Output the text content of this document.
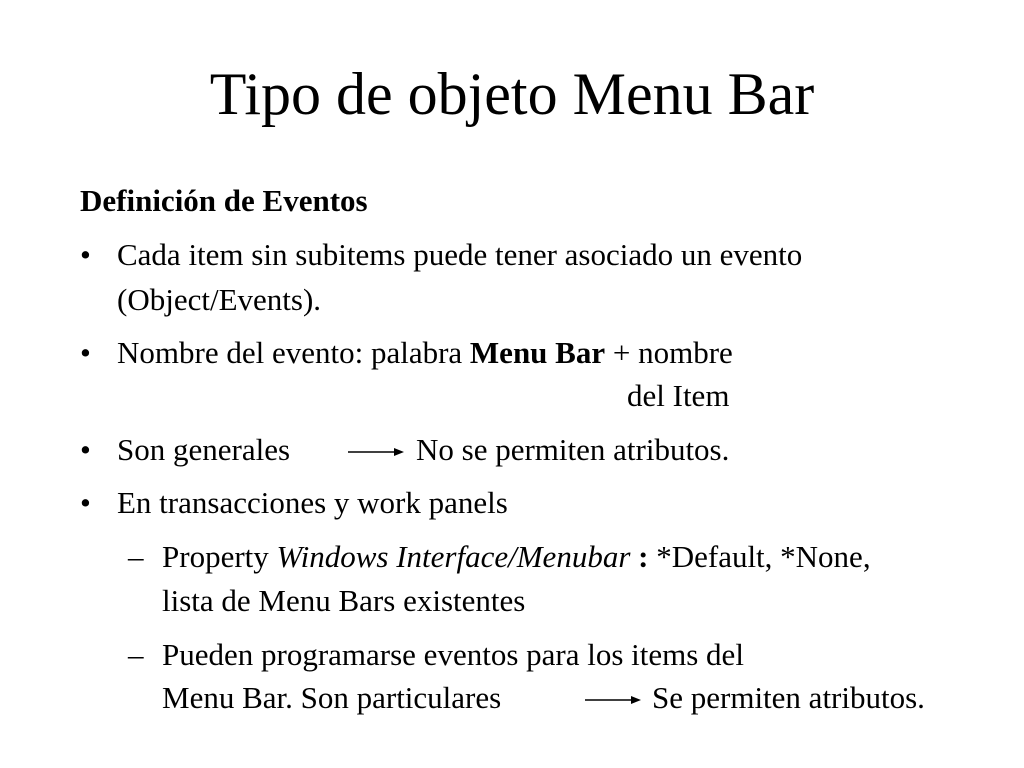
Tipo de objeto Menu Bar
Definición de Eventos
• Cada item sin subitems puede tener asociado un evento
(Object/Events).
• Nombre del evento: palabra Menu Bar + nombre
del Item
• Son generales	No se permiten atributos.
• En transacciones y work panels
– Property Windows Interface/Menubar : *Default, *None,
lista de Menu Bars existentes
– Pueden programarse eventos para los items del
Menu Bar. Son particulares	Se permiten atributos.
